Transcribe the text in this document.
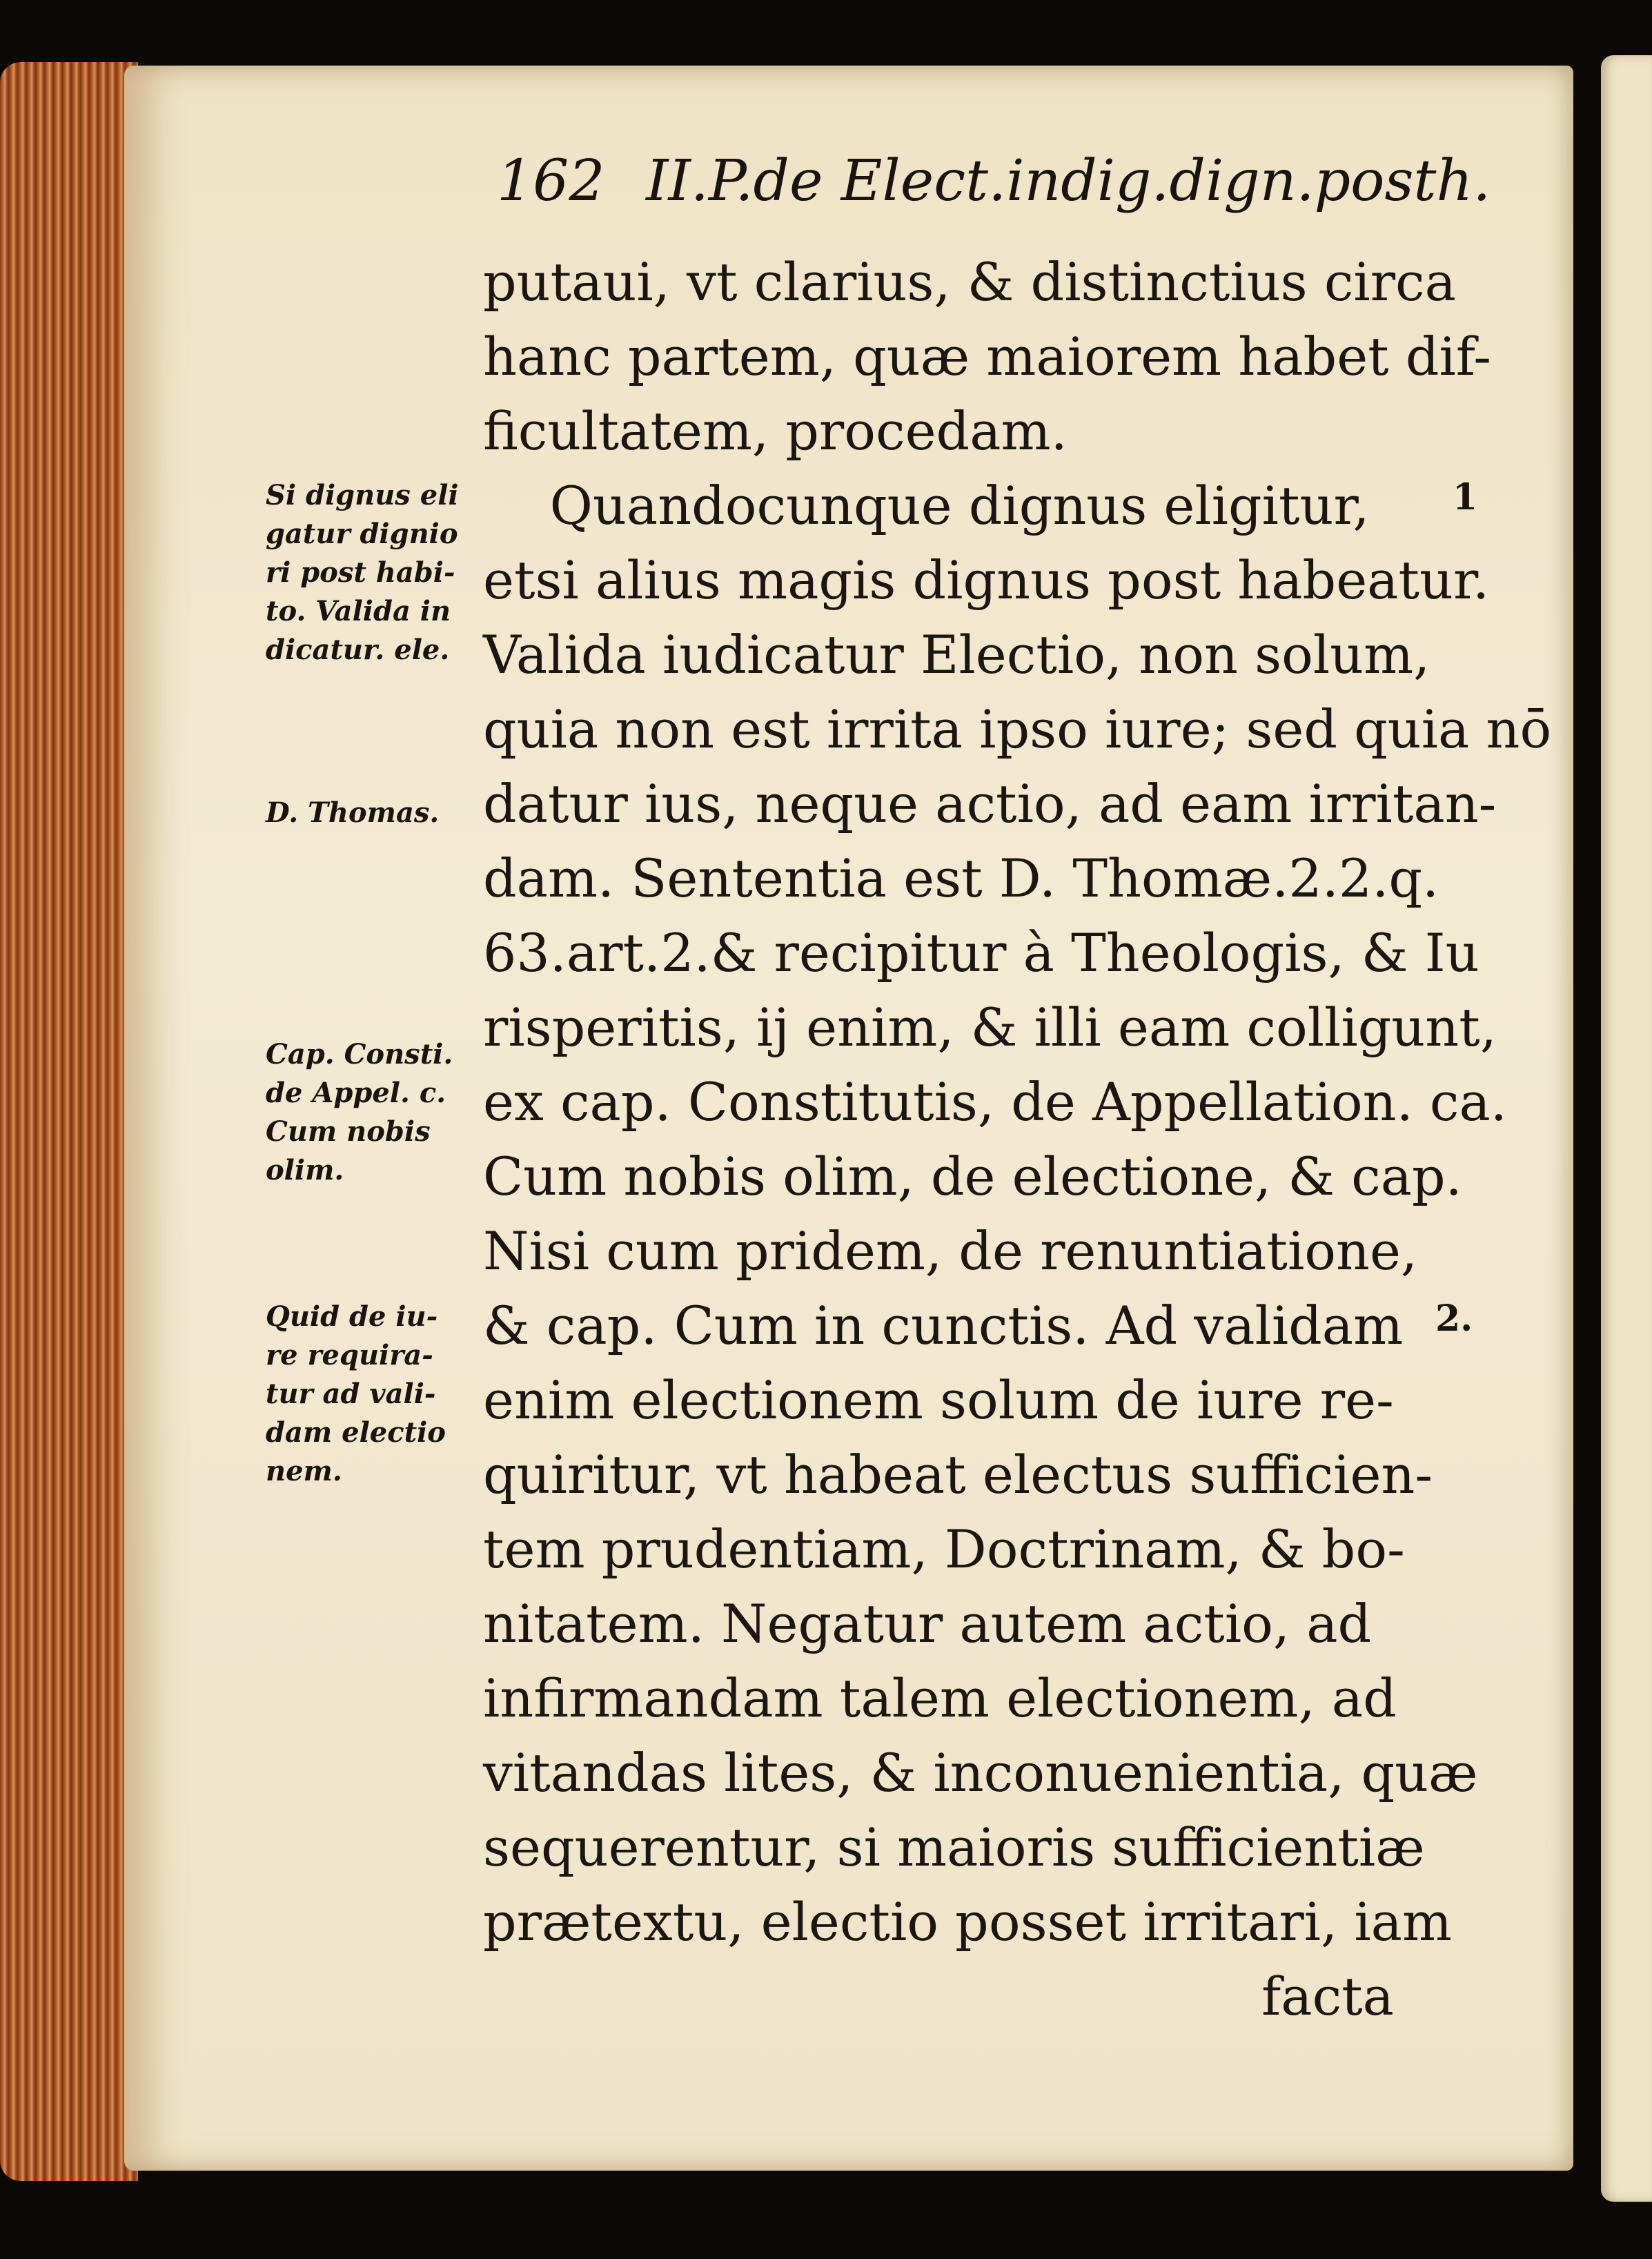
162 II.P.de Elect.indig.dign.posth.
putaui, vt clarius, & distinctius circa
hanc partem, quæ maiorem habet dif-
ficultatem, procedam.
Quandocunque dignus eligitur,
etsi alius magis dignus post habeatur.
Valida iudicatur Electio, non solum,
quia non est irrita ipso iure; sed quia nō
datur ius, neque actio, ad eam irritan-
dam. Sententia est D. Thomæ.2.2.q.
63.art.2.& recipitur à Theologis, & Iu
risperitis, ij enim, & illi eam colligunt,
ex cap. Constitutis, de Appellation. ca.
Cum nobis olim, de electione, & cap.
Nisi cum pridem, de renuntiatione,
& cap. Cum in cunctis. Ad validam
enim electionem solum de iure re-
quiritur, vt habeat electus sufficien-
tem prudentiam, Doctrinam, & bo-
nitatem. Negatur autem actio, ad
infirmandam talem electionem, ad
vitandas lites, & inconuenientia, quæ
sequerentur, si maioris sufficientiæ
prætextu, electio posset irritari, iam
facta
Si dignus eli
gatur dignio
ri post habi-
to. Valida in
dicatur. ele.
D. Thomas.
Cap. Consti.
de Appel. c.
Cum nobis
olim.
Quid de iu-
re requira-
tur ad vali-
dam electio
nem.
1
2.
